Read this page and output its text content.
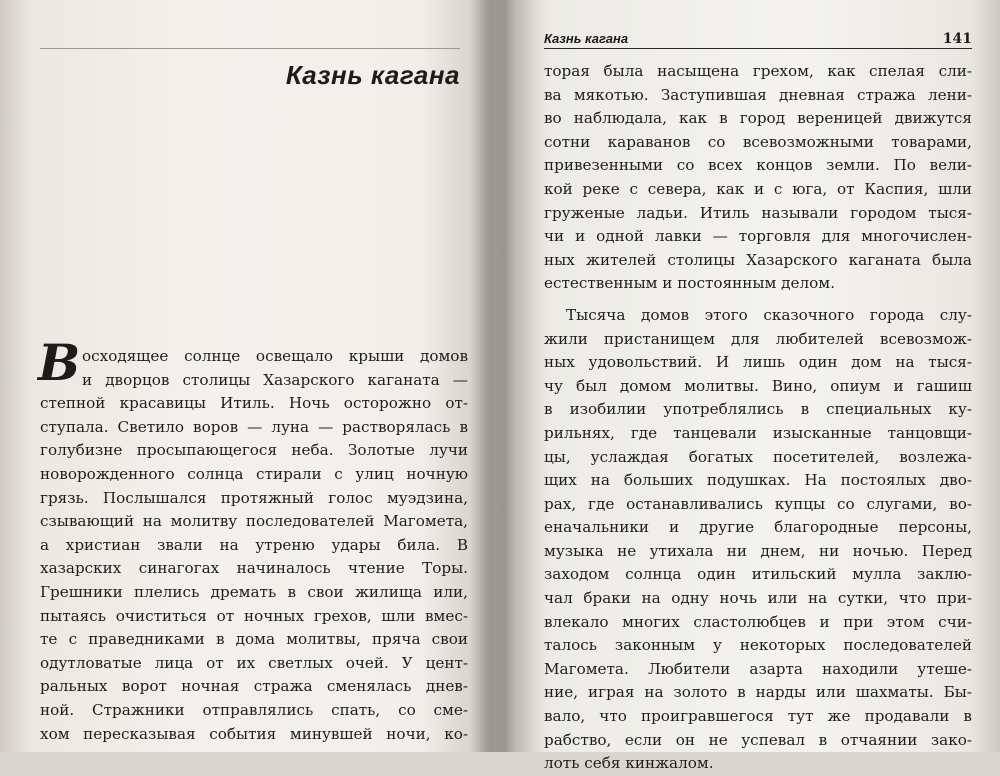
Казнь кагана
В осходящее солнце освещало крыши домов
и дворцов столицы Хазарского каганата —
степной красавицы Итиль. Ночь осторожно от-
ступала. Светило воров — луна — растворялась в
голубизне просыпающегося неба. Золотые лучи
новорожденного солнца стирали с улиц ночную
грязь. Послышался протяжный голос муэдзина,
сзывающий на молитву последователей Магомета,
а христиан звали на утреню удары била. В
хазарских синагогах начиналось чтение Торы.
Грешники плелись дремать в свои жилища или,
пытаясь очиститься от ночных грехов, шли вмес-
те с праведниками в дома молитвы, пряча свои
одутловатые лица от их светлых очей. У цент-
ральных ворот ночная стража сменялась днев-
ной. Стражники отправлялись спать, со сме-
хом пересказывая события минувшей ночи, ко-
Казнь кагана	141
торая была насыщена грехом, как спелая сли-
ва мякотью. Заступившая дневная стража лени-
во наблюдала, как в город вереницей движутся
сотни караванов со всевозможными товарами,
привезенными со всех концов земли. По вели-
кой реке с севера, как и с юга, от Каспия, шли
груженые ладьи. Итиль называли городом тыся-
чи и одной лавки — торговля для многочислен-
ных жителей столицы Хазарского каганата была
естественным и постоянным делом.
Тысяча домов этого сказочного города слу-
жили пристанищем для любителей всевозмож-
ных удовольствий. И лишь один дом на тыся-
чу был домом молитвы. Вино, опиум и гашиш
в изобилии употреблялись в специальных ку-
рильнях, где танцевали изысканные танцовщи-
цы, услаждая богатых посетителей, возлежа-
щих на больших подушках. На постоялых дво-
рах, где останавливались купцы со слугами, во-
еначальники и другие благородные персоны,
музыка не утихала ни днем, ни ночью. Перед
заходом солнца один итильский мулла заклю-
чал браки на одну ночь или на сутки, что при-
влекало многих сластолюбцев и при этом счи-
талось законным у некоторых последователей
Магомета. Любители азарта находили утеше-
ние, играя на золото в нарды или шахматы. Бы-
вало, что проигравшегося тут же продавали в
рабство, если он не успевал в отчаянии зако-
лоть себя кинжалом.
